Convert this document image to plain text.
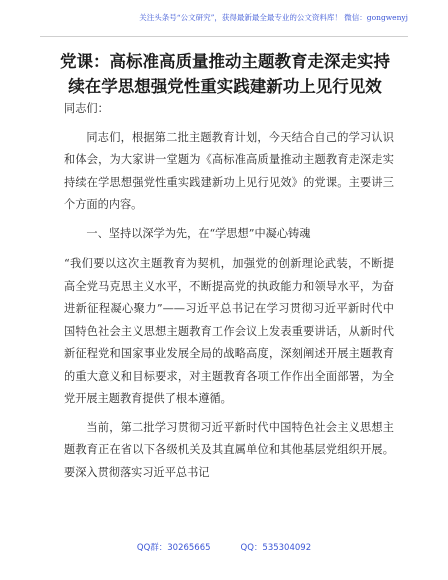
关注头条号“公文研究”，获得最新最全最专业的公文资料库！ 微信：gongwenyj
党课：高标准高质量推动主题教育走深走实持
续在学思想强党性重实践建新功上见行见效

同志们：

同志们，根据第二批主题教育计划，今天结合自己的学习认识和体会，为大家讲一堂题为《高标准高质量推动主题教育走深走实持续在学思想强党性重实践建新功上见行见效》的党课。主要讲三个方面的内容。

一、坚持以深学为先，在“学思想”中凝心铸魂

“我们要以这次主题教育为契机，加强党的创新理论武装，不断提高全党马克思主义水平，不断提高党的执政能力和领导水平，为奋进新征程凝心聚力”——习近平总书记在学习贯彻习近平新时代中国特色社会主义思想主题教育工作会议上发表重要讲话，从新时代新征程党和国家事业发展全局的战略高度，深刻阐述开展主题教育的重大意义和目标要求，对主题教育各项工作作出全面部署，为全党开展主题教育提供了根本遵循。

当前，第二批学习贯彻习近平新时代中国特色社会主义思想主题教育正在省以下各级机关及其直属单位和其他基层党组织开展。要深入贯彻落实习近平总书记

QQ群：30265665	QQ：535304092
